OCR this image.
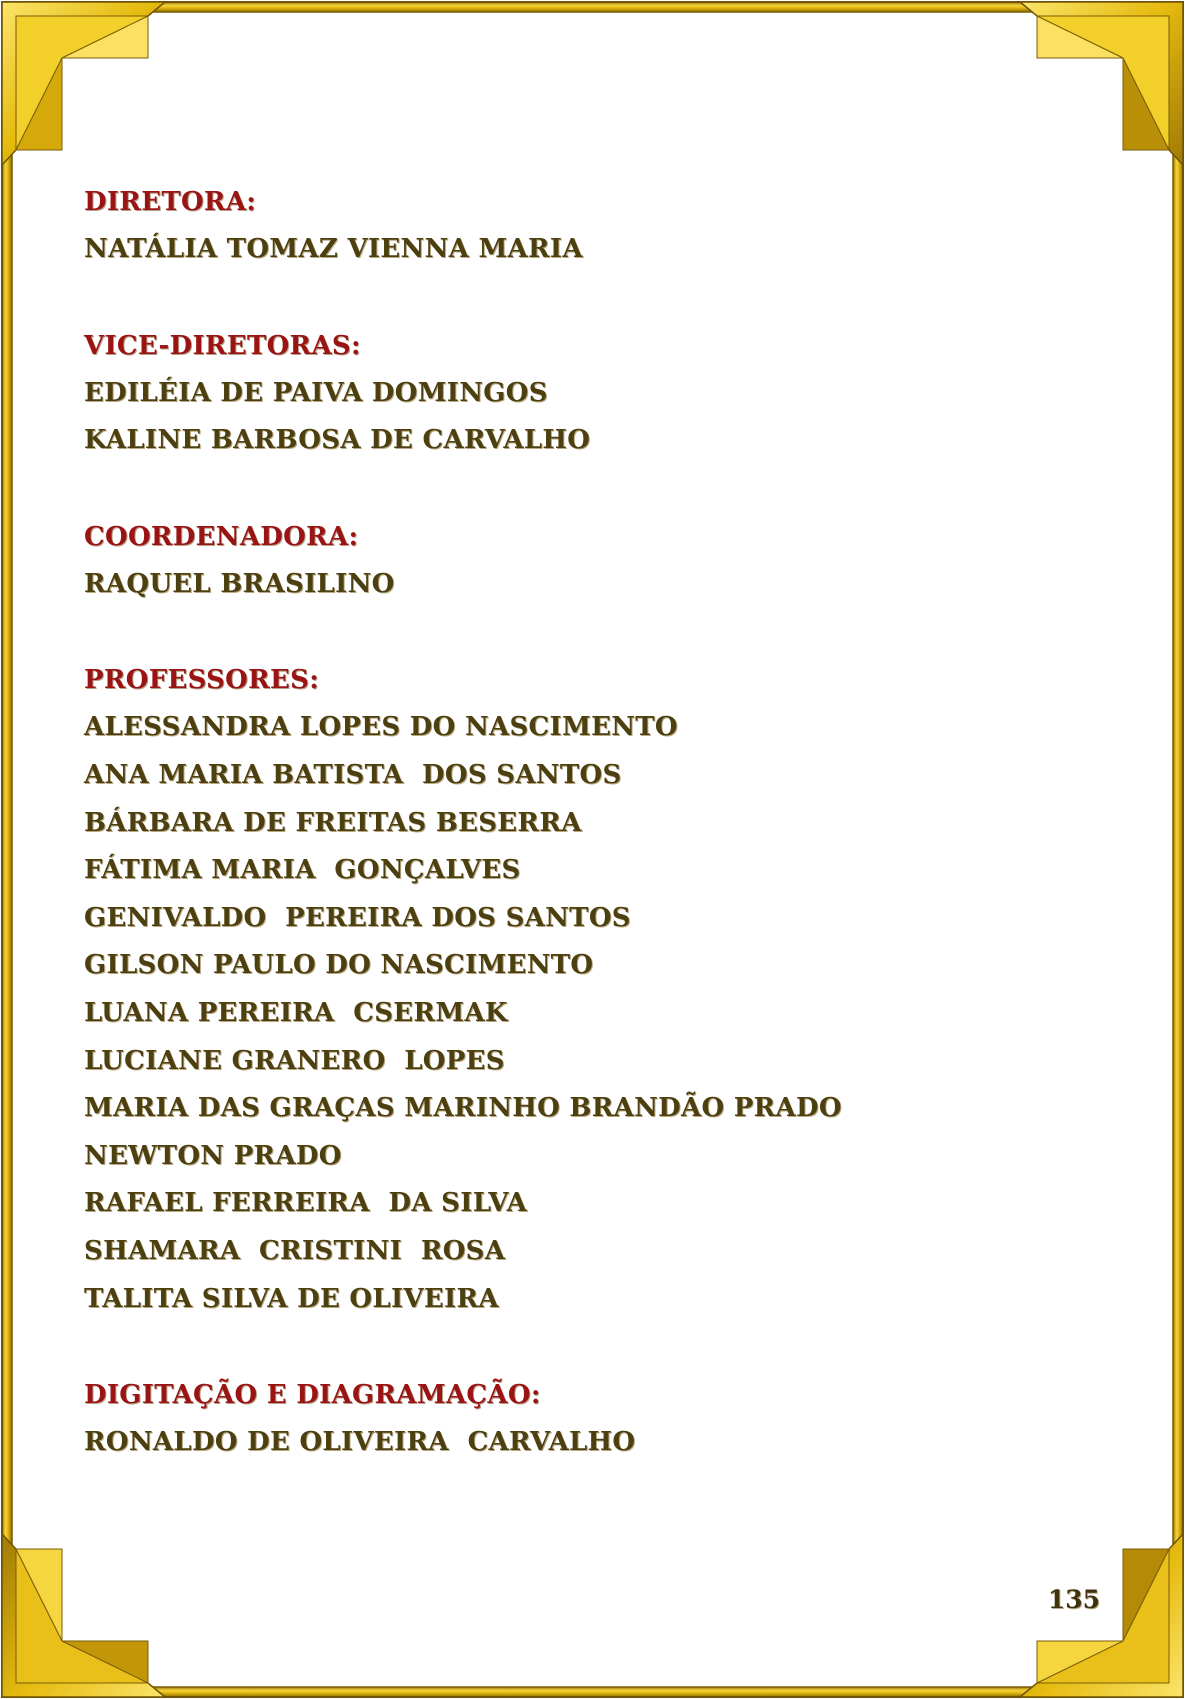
DIRETORA:
NATÁLIA TOMAZ VIENNA MARIA
VICE-DIRETORAS:
EDILÉIA DE PAIVA DOMINGOS
KALINE BARBOSA DE CARVALHO
COORDENADORA:
RAQUEL BRASILINO
PROFESSORES:
ALESSANDRA LOPES DO NASCIMENTO
ANA MARIA BATISTA  DOS SANTOS
BÁRBARA DE FREITAS BESERRA
FÁTIMA MARIA  GONÇALVES
GENIVALDO  PEREIRA DOS SANTOS
GILSON PAULO DO NASCIMENTO
LUANA PEREIRA  CSERMAK
LUCIANE GRANERO  LOPES
MARIA DAS GRAÇAS MARINHO BRANDÃO PRADO
NEWTON PRADO
RAFAEL FERREIRA  DA SILVA
SHAMARA  CRISTINI  ROSA
TALITA SILVA DE OLIVEIRA
DIGITAÇÃO E DIAGRAMAÇÃO:
RONALDO DE OLIVEIRA  CARVALHO
135
